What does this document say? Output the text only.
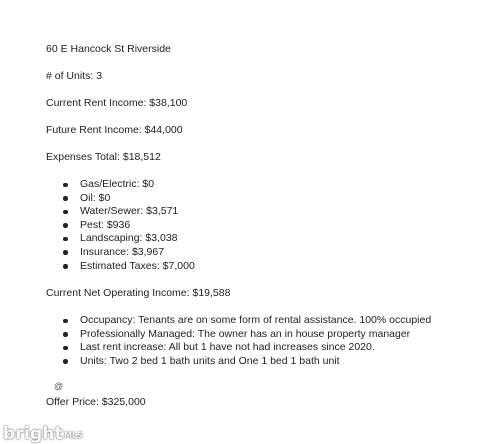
60 E Hancock St Riverside
# of Units: 3
Current Rent Income: $38,100
Future Rent Income: $44,000
Expenses Total: $18,512
Gas/Electric: $0
Oil: $0
Water/Sewer: $3,571
Pest: $936
Landscaping: $3,038
Insurance: $3,967
Estimated Taxes: $7,000
Current Net Operating Income: $19,588
Occupancy: Tenants are on some form of rental assistance. 100% occupied
Professionally Managed: The owner has an in house property manager
Last rent increase: All but 1 have not had increases since 2020.
Units: Two 2 bed 1 bath units and One 1 bed 1 bath unit
@
Offer Price: $325,000
bright MLS
